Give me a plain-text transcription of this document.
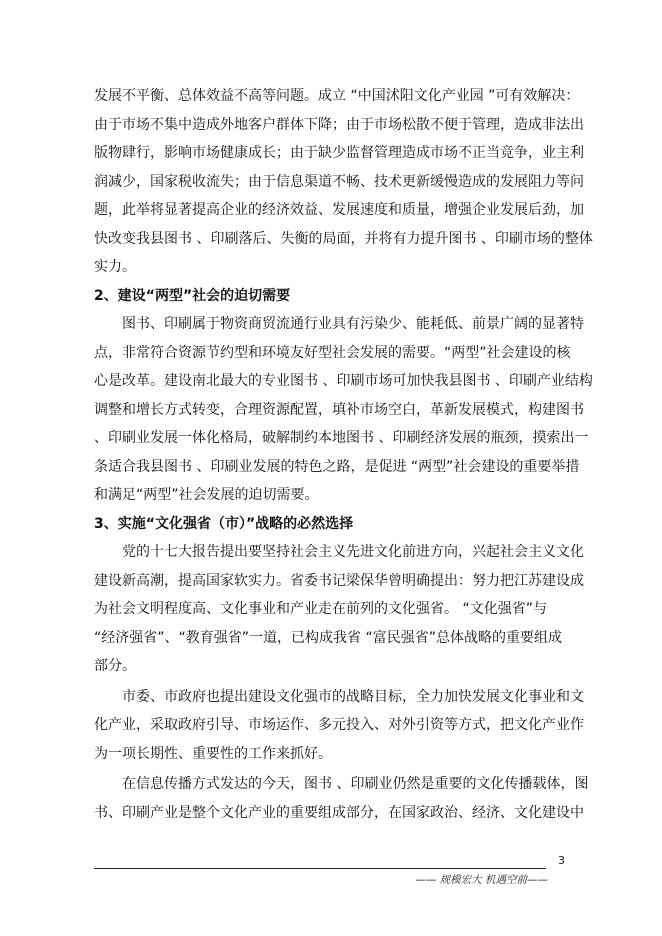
发展不平衡、总体效益不高等问题。成立 “中国沭阳文化产业园 ”可有效解决：
由于市场不集中造成外地客户群体下降；由于市场松散不便于管理，造成非法出
版物肆行，影响市场健康成长；由于缺少监督管理造成市场不正当竞争，业主利
润减少，国家税收流失；由于信息渠道不畅、技术更新缓慢造成的发展阻力等问
题，此举将显著提高企业的经济效益、发展速度和质量，增强企业发展后劲，加
快改变我县图书 、印刷落后、失衡的局面，并将有力提升图书 、印刷市场的整体
实力。
2、建设“两型”社会的迫切需要
图书、印刷属于物资商贸流通行业具有污染少、能耗低、前景广阔的显著特
点，非常符合资源节约型和环境友好型社会发展的需要。“两型”社会建设的核
心是改革。建设南北最大的专业图书 、印刷市场可加快我县图书 、印刷产业结构
调整和增长方式转变，合理资源配置，填补市场空白，革新发展模式，构建图书
、印刷业发展一体化格局，破解制约本地图书 、印刷经济发展的瓶颈，摸索出一
条适合我县图书 、印刷业发展的特色之路，是促进 “两型”社会建设的重要举措
和满足“两型”社会发展的迫切需要。
3、实施“文化强省（市）”战略的必然选择
党的十七大报告提出要坚持社会主义先进文化前进方向，兴起社会主义文化
建设新高潮，提高国家软实力。省委书记梁保华曾明确提出：努力把江苏建设成
为社会文明程度高、文化事业和产业走在前列的文化强省。 “文化强省”与
“经济强省”、“教育强省”一道，已构成我省 “富民强省”总体战略的重要组成
部分。
市委、市政府也提出建设文化强市的战略目标，全力加快发展文化事业和文
化产业，采取政府引导、市场运作、多元投入、对外引资等方式，把文化产业作
为一项长期性、重要性的工作来抓好。
在信息传播方式发达的今天，图书 、印刷业仍然是重要的文化传播载体，图
书、印刷产业是整个文化产业的重要组成部分，在国家政治、经济、文化建设中
3
—— 规模宏大 机遇空前——
